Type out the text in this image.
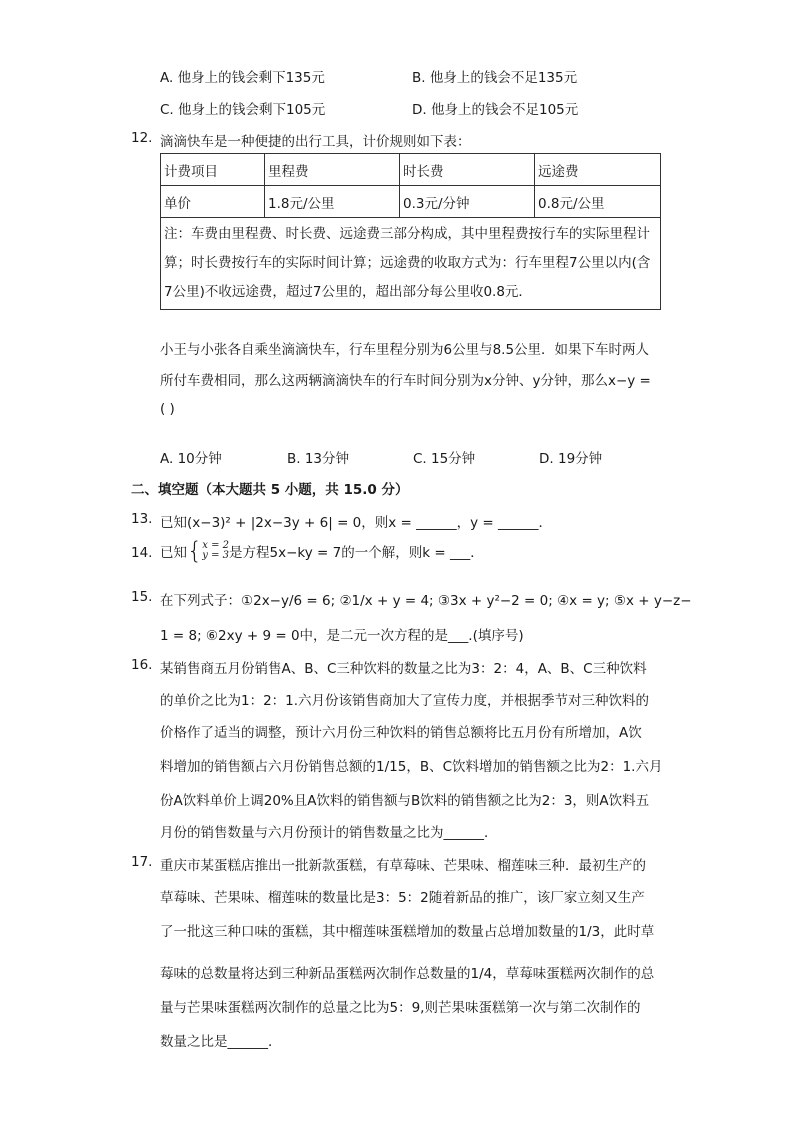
A. 他身上的钱会剩下135元	B. 他身上的钱会不足135元
C. 他身上的钱会剩下105元	D. 他身上的钱会不足105元
12. 滴滴快车是一种便捷的出行工具，计价规则如下表：
计费项目	里程费	时长费	远途费
单价	1.8元/公里	0.3元/分钟	0.8元/公里
注：车费由里程费、时长费、远途费三部分构成，其中里程费按行车的实际里程计算；时长费按行车的实际时间计算；远途费的收取方式为：行车里程7公里以内(含7公里)不收远途费，超过7公里的，超出部分每公里收0.8元．			
小王与小张各自乘坐滴滴快车，行车里程分别为6公里与8.5公里．如果下车时两人
所付车费相同，那么这两辆滴滴快车的行车时间分别为x分钟、y分钟，那么x−y =
( )
A. 10分钟	B. 13分钟	C. 15分钟	D. 19分钟
二、填空题（本大题共 5 小题，共 15.0 分）
13. 已知(x−3)² + |2x−3y + 6| = 0，则x = ______，y = ______．
14. 已知{ x = 2
y = 3 是方程5x−ky = 7的一个解，则k = ___．
15. 在下列式子：①2x−y/6 = 6; ②1/x + y = 4; ③3x + y²−2 = 0; ④x = y; ⑤x + y−z−
1 = 8; ⑥2xy + 9 = 0中，是二元一次方程的是___.(填序号)
16. 某销售商五月份销售A、B、C三种饮料的数量之比为3：2：4，A、B、C三种饮料
的单价之比为1：2：1.六月份该销售商加大了宣传力度，并根据季节对三种饮料的
价格作了适当的调整，预计六月份三种饮料的销售总额将比五月份有所增加，A饮
料增加的销售额占六月份销售总额的1/15，B、C饮料增加的销售额之比为2：1.六月
份A饮料单价上调20%且A饮料的销售额与B饮料的销售额之比为2：3，则A饮料五
月份的销售数量与六月份预计的销售数量之比为______．
17. 重庆市某蛋糕店推出一批新款蛋糕，有草莓味、芒果味、榴莲味三种．最初生产的
草莓味、芒果味、榴莲味的数量比是3：5：2随着新品的推广，该厂家立刻又生产
了一批这三种口味的蛋糕，其中榴莲味蛋糕增加的数量占总增加数量的1/3，此时草
莓味的总数量将达到三种新品蛋糕两次制作总数量的1/4，草莓味蛋糕两次制作的总
量与芒果味蛋糕两次制作的总量之比为5：9,则芒果味蛋糕第一次与第二次制作的
数量之比是______．
